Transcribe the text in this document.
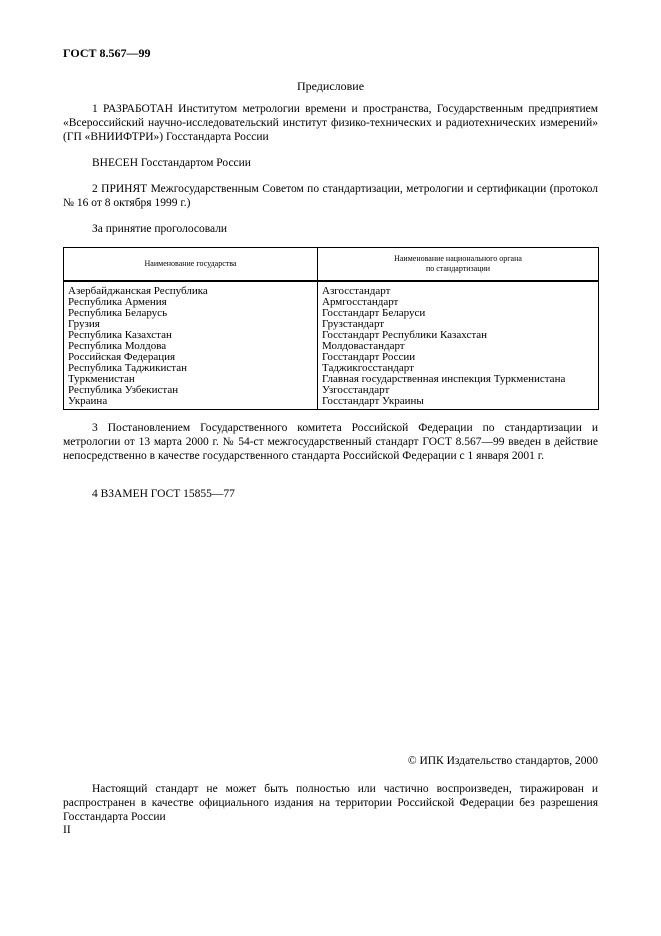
ГОСТ 8.567—99
Предисловие

1 РАЗРАБОТАН Институтом метрологии времени и пространства, Государственным предприятием «Всероссийский научно-исследовательский институт физико-технических и радиотехнических измерений» (ГП «ВНИИФТРИ») Госстандарта России

ВНЕСЕН Госстандартом России

2 ПРИНЯТ Межгосударственным Советом по стандартизации, метрологии и сертификации (протокол № 16 от 8 октября 1999 г.)

За принятие проголосовали

Наименование государства	Наименование национального органа
по стандартизации
Азербайджанская Республика	Азгосстандарт
Республика Армения	Армгосстандарт
Республика Беларусь	Госстандарт Беларуси
Грузия	Грузстандарт
Республика Казахстан	Госстандарт Республики Казахстан
Республика Молдова	Молдовастандарт
Российская Федерация	Госстандарт России
Республика Таджикистан	Таджикгосстандарт
Туркменистан	Главная государственная инспекция Туркменистана
Республика Узбекистан	Узгосстандарт
Украина	Госстандарт Украины

3 Постановлением Государственного комитета Российской Федерации по стандартизации и метрологии от 13 марта 2000 г. № 54-ст межгосударственный стандарт ГОСТ 8.567—99 введен в действие непосредственно в качестве государственного стандарта Российской Федерации с 1 января 2001 г.

4 ВЗАМЕН ГОСТ 15855—77

© ИПК Издательство стандартов, 2000

Настоящий стандарт не может быть полностью или частично воспроизведен, тиражирован и распространен в качестве официального издания на территории Российской Федерации без разрешения Госстандарта России

II
